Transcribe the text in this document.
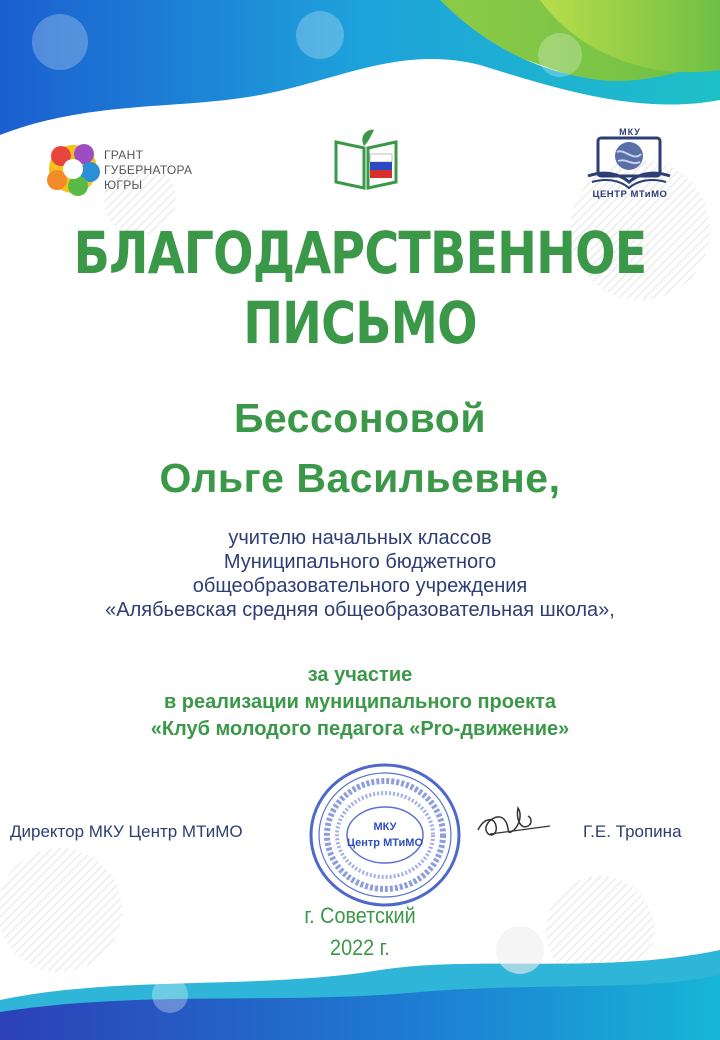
ГРАНТ
ГУБЕРНАТОРА
ЮГРЫ
МКУ
ЦЕНТР МТиМО
БЛАГОДАРСТВЕННОЕ
ПИСЬМО
Бессоновой
Ольге Васильевне,
учителю начальных классов
Муниципального бюджетного
общеобразовательного учреждения
«Алябьевская средняя общеобразовательная школа»,
за участие
в реализации муниципального проекта
«Клуб молодого педагога «Pro-движение»
МКУ
Центр МТиМО
Директор МКУ Центр МТиМО	Г.Е. Тропина
г. Советский
2022 г.
